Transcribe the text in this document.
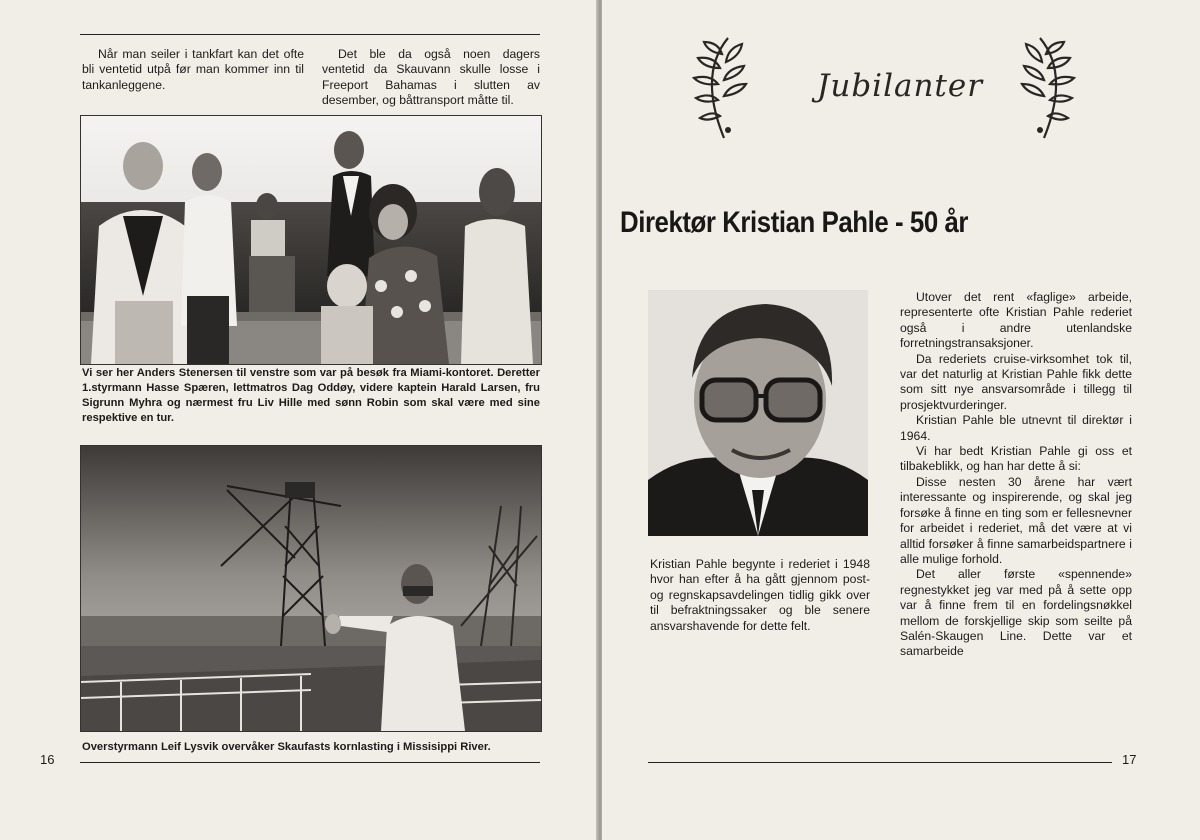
Når man seiler i tankfart kan det ofte bli ventetid utpå før man kommer inn til tankanleggene.

Det ble da også noen dagers ventetid da Skauvann skulle losse i Freeport Bahamas i slutten av desember, og båttransport måtte til.

Vi ser her Anders Stenersen til venstre som var på besøk fra Miami-kontoret. Deretter 1.styrmann Hasse Spæren, lettmatros Dag Oddøy, videre kaptein Harald Larsen, fru Sigrunn Myhra og nærmest fru Liv Hille med sønn Robin som skal være med sine respektive en tur.
Overstyrmann Leif Lysvik overvåker Skaufasts kornlasting i Missisippi River.
16
Jubilanter
Direktør Kristian Pahle - 50 år

Kristian Pahle begynte i rederiet i 1948 hvor han efter å ha gått gjennom post- og regnskapsavdelingen tidlig gikk over til befraktningssaker og ble senere ansvarshavende for dette felt.

Utover det rent «faglige» arbeide, representerte ofte Kristian Pahle rederiet også i andre utenlandske forretningstransaksjoner.

Da rederiets cruise-virksomhet tok til, var det naturlig at Kristian Pahle fikk dette som sitt nye ansvarsområde i tillegg til prosjektvurderinger.

Kristian Pahle ble utnevnt til direktør i 1964.

Vi har bedt Kristian Pahle gi oss et tilbakeblikk, og han har dette å si:

Disse nesten 30 årene har vært interessante og inspirerende, og skal jeg forsøke å finne en ting som er fellesnevner for arbeidet i rederiet, må det være at vi alltid forsøker å finne samarbeidspartnere i alle mulige forhold.

Det aller første «spennende» regnestykket jeg var med på å sette opp var å finne frem til en fordelingsnøkkel mellom de forskjellige skip som seilte på Salén-Skaugen Line. Dette var et samarbeide

17
